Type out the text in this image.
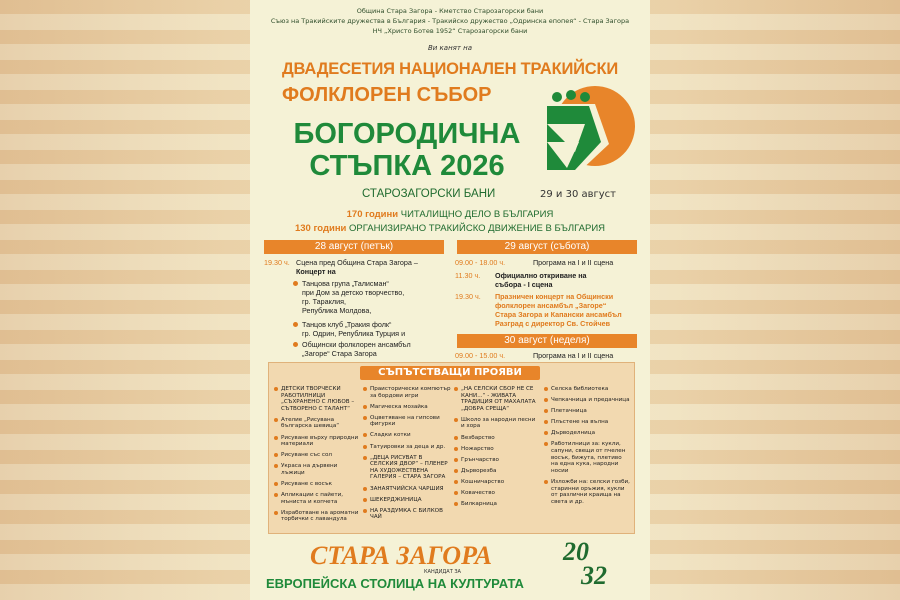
Община Стара Загора - Кметство Старозагорски бани
Съюз на Тракийските дружества в България - Тракийско дружество „Одринска епопея“ - Стара Загора
НЧ „Христо Ботев 1952“ Старозагорски бани
Ви канят на
ДВАДЕСЕТИЯ НАЦИОНАЛЕН ТРАКИЙСКИ
ФОЛКЛОРЕН СЪБОР
БОГОРОДИЧНА
СТЪПКА 2026
СТАРОЗАГОРСКИ БАНИ	29 и 30 август
170 години ЧИТАЛИЩНО ДЕЛО В БЪЛГАРИЯ
130 години ОРГАНИЗИРАНО ТРАКИЙСКО ДВИЖЕНИЕ В БЪЛГАРИЯ
28 август (петък)
19.30 ч. Сцена пред Община Стара Загора –
Концерт на
Танцова група „Талисман“
при Дом за детско творчество,
гр. Тараклия,
Република Молдова,
Танцов клуб „Тракия фолк“
гр. Одрин, Република Турция и
Общински фолклорен ансамбъл
„Загоре“ Стара Загора
29 август (събота)
09.00 - 18.00 ч.	Програма на I и II сцена
11.30 ч. Официално откриване на
събора - I сцена
19.30 ч. Празничен концерт на Общински
фолклорен ансамбъл „Загоре“
Стара Загора и Капански ансамбъл
Разград с директор Св. Стойчев
30 август (неделя)
09.00 - 15.00 ч.	Програма на I и II сцена
СЪПЪТСТВАЩИ ПРОЯВИ
ДЕТСКИ ТВОРЧЕСКИ РАБОТИЛНИЦИ „СЪХРАНЕНО С ЛЮБОВ – СЪТВОРЕНО С ТАЛАНТ“
Ателие „Рисувана българска шевица“
Рисуване върху природни материали
Рисуване със сол
Украса на дървени лъжици
Рисуване с восък
Апликации с пайети, мъниста и копчета
Изработване на ароматни торбички с лавандула
Праисторически компютър за бордови игри
Магическа мозайка
Оцветяване на гипсови фигурки
Сладки котки
Татуировки за деца и др.
„ДЕЦА РИСУВАТ В СЕЛСКИЯ ДВОР“ – ПЛЕНЕР НА ХУДОЖЕСТВЕНА ГАЛЕРИЯ – СТАРА ЗАГОРА
ЗАНАЯТЧИЙСКА ЧАРШИЯ
ШЕКЕРДЖИНИЦА
НА РАЗДУМКА С БИЛКОВ ЧАЙ
„НА СЕЛСКИ СБОР НЕ СЕ КАНИ...“ - ЖИВАТА ТРАДИЦИЯ ОТ МАХАЛАТА „ДОБРА СРЕЩА“
Школо за народни песни и хора
Везбарство
Ножарство
Грънчарство
Дърворезба
Кошничарство
Ковачество
Билкарница
Селска библиотека
Чепкачница и предачница
Плетачница
Плъстене на вълна
Дърводелница
Работилници за: кукли, сапуни, свещи от пчелен восък, бижута, плетиво на една кука, народни носии
Изложби на: селски гозби, старинни оръжия, кукли от различни краища на света и др.
СТАРА ЗАГОРА
КАНДИДАТ ЗА
ЕВРОПЕЙСКА СТОЛИЦА НА КУЛТУРАТА
20
32
